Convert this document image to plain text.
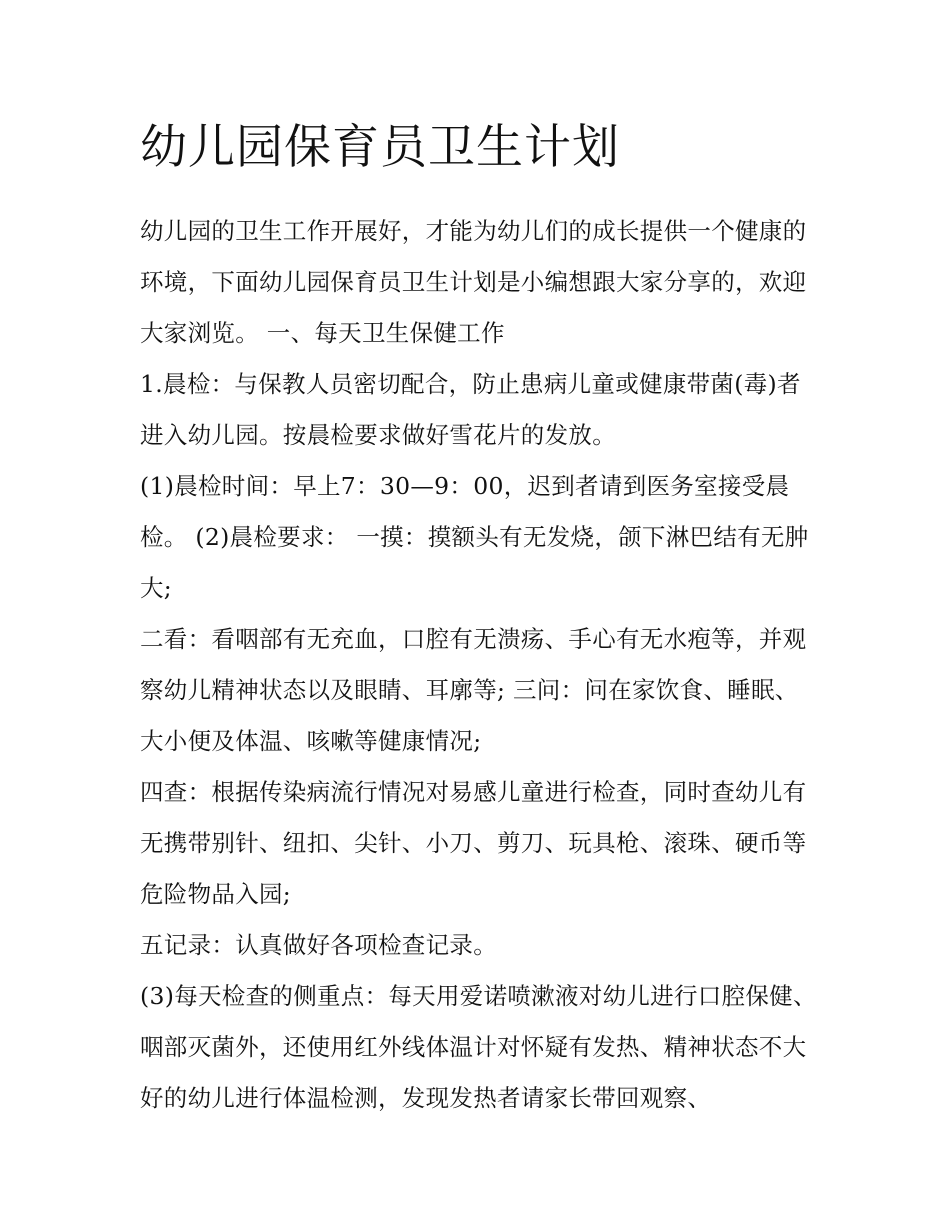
幼儿园保育员卫生计划

幼儿园的卫生工作开展好，才能为幼儿们的成长提供一个健康的环境，下面幼儿园保育员卫生计划是小编想跟大家分享的，欢迎大家浏览。 一、每天卫生保健工作

1.晨检：与保教人员密切配合，防止患病儿童或健康带菌(毒)者进入幼儿园。按晨检要求做好雪花片的发放。

(1)晨检时间：早上7：30—9：00，迟到者请到医务室接受晨检。 (2)晨检要求： 一摸：摸额头有无发烧，颌下淋巴结有无肿大;

二看：看咽部有无充血，口腔有无溃疡、手心有无水疱等，并观察幼儿精神状态以及眼睛、耳廓等; 三问：问在家饮食、睡眠、大小便及体温、咳嗽等健康情况;

四查：根据传染病流行情况对易感儿童进行检查，同时查幼儿有无携带别针、纽扣、尖针、小刀、剪刀、玩具枪、滚珠、硬币等危险物品入园;

五记录：认真做好各项检查记录。

(3)每天检查的侧重点：每天用爱诺喷漱液对幼儿进行口腔保健、咽部灭菌外，还使用红外线体温计对怀疑有发热、精神状态不大好的幼儿进行体温检测，发现发热者请家长带回观察、
